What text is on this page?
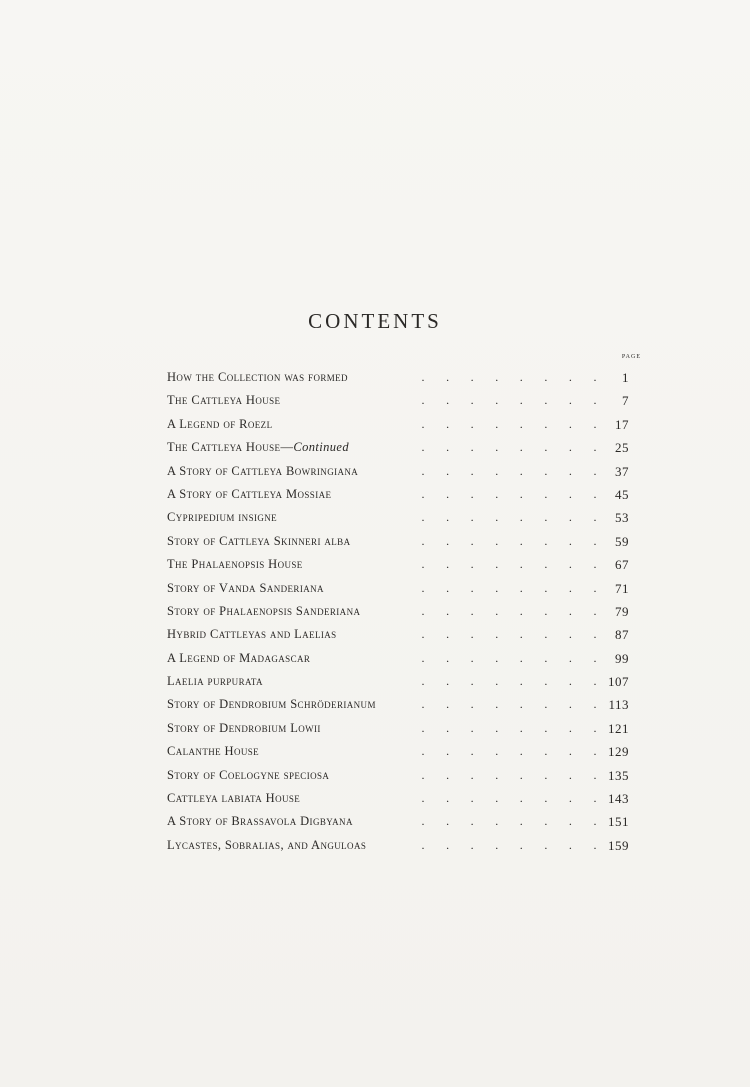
CONTENTS
page
How the Collection was formed	. . . . . . . . 1
The Cattleya House	. . . . . . . . 7
A Legend of Roezl	. . . . . . . . 17
The Cattleya House—Continued	. . . . . . . . 25
A Story of Cattleya Bowringiana	. . . . . . . . 37
A Story of Cattleya Mossiae	. . . . . . . . 45
Cypripedium insigne	. . . . . . . . 53
Story of Cattleya Skinneri alba	. . . . . . . . 59
The Phalaenopsis House	. . . . . . . . 67
Story of Vanda Sanderiana	. . . . . . . . 71
Story of Phalaenopsis Sanderiana	. . . . . . . . 79
Hybrid Cattleyas and Laelias	. . . . . . . . 87
A Legend of Madagascar	. . . . . . . . 99
Laelia purpurata	. . . . . . . . 107
Story of Dendrobium Schröderianum	. . . . . . . . 113
Story of Dendrobium Lowii	. . . . . . . . 121
Calanthe House	. . . . . . . . 129
Story of Coelogyne speciosa	. . . . . . . . 135
Cattleya labiata House	. . . . . . . . 143
A Story of Brassavola Digbyana	. . . . . . . . 151
Lycastes, Sobralias, and Anguloas	. . . . . . . . 159
